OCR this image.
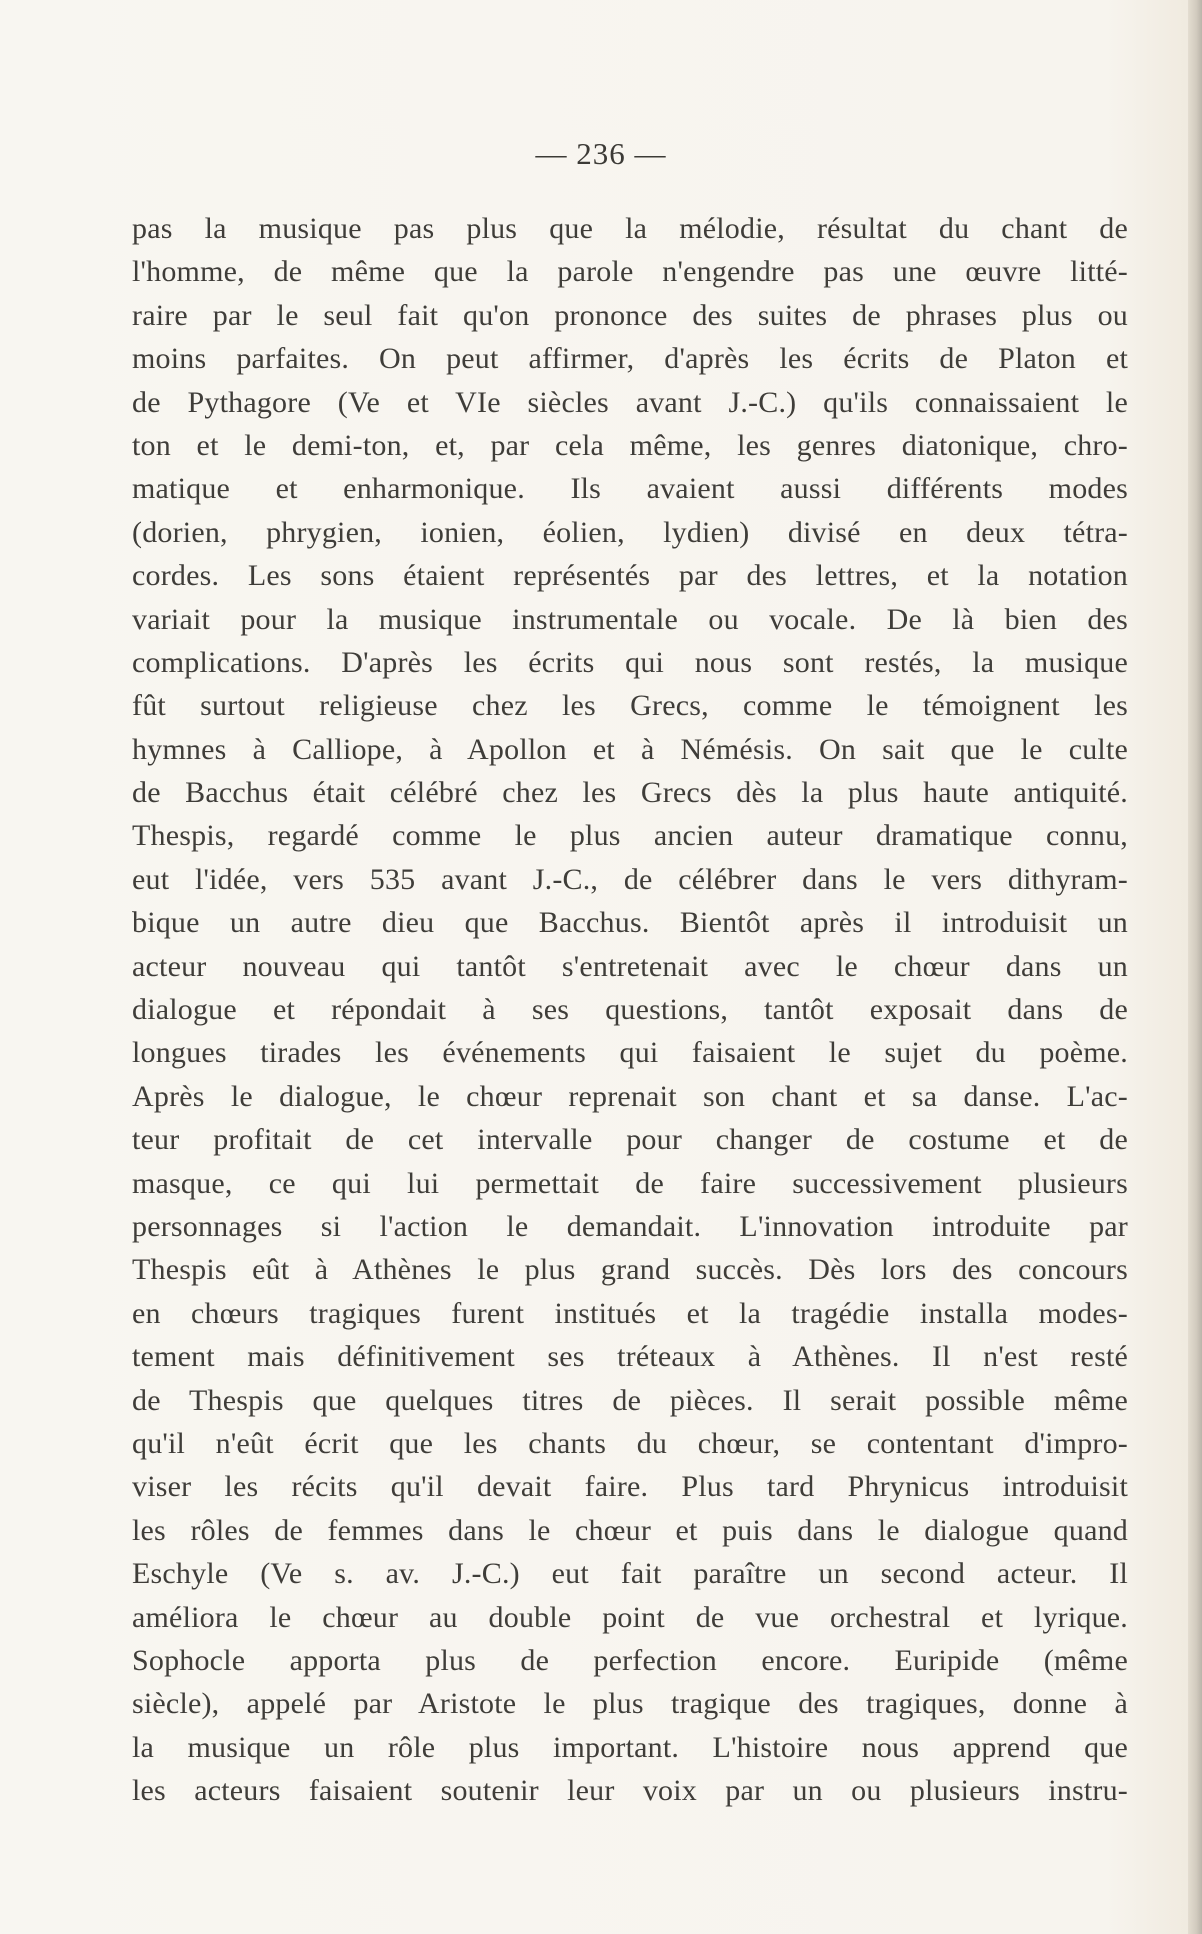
— 236 —
pas la musique pas plus que la mélodie, résultat du chant de
l'homme, de même que la parole n'engendre pas une œuvre litté-
raire par le seul fait qu'on prononce des suites de phrases plus ou
moins parfaites. On peut affirmer, d'après les écrits de Platon et
de Pythagore (Ve et VIe siècles avant J.-C.) qu'ils connaissaient le
ton et le demi-ton, et, par cela même, les genres diatonique, chro-
matique et enharmonique. Ils avaient aussi différents modes
(dorien, phrygien, ionien, éolien, lydien) divisé en deux tétra-
cordes. Les sons étaient représentés par des lettres, et la notation
variait pour la musique instrumentale ou vocale. De là bien des
complications. D'après les écrits qui nous sont restés, la musique
fût surtout religieuse chez les Grecs, comme le témoignent les
hymnes à Calliope, à Apollon et à Némésis. On sait que le culte
de Bacchus était célébré chez les Grecs dès la plus haute antiquité.
Thespis, regardé comme le plus ancien auteur dramatique connu,
eut l'idée, vers 535 avant J.-C., de célébrer dans le vers dithyram-
bique un autre dieu que Bacchus. Bientôt après il introduisit un
acteur nouveau qui tantôt s'entretenait avec le chœur dans un
dialogue et répondait à ses questions, tantôt exposait dans de
longues tirades les événements qui faisaient le sujet du poème.
Après le dialogue, le chœur reprenait son chant et sa danse. L'ac-
teur profitait de cet intervalle pour changer de costume et de
masque, ce qui lui permettait de faire successivement plusieurs
personnages si l'action le demandait. L'innovation introduite par
Thespis eût à Athènes le plus grand succès. Dès lors des concours
en chœurs tragiques furent institués et la tragédie installa modes-
tement mais définitivement ses tréteaux à Athènes. Il n'est resté
de Thespis que quelques titres de pièces. Il serait possible même
qu'il n'eût écrit que les chants du chœur, se contentant d'impro-
viser les récits qu'il devait faire. Plus tard Phrynicus introduisit
les rôles de femmes dans le chœur et puis dans le dialogue quand
Eschyle (Ve s. av. J.-C.) eut fait paraître un second acteur. Il
améliora le chœur au double point de vue orchestral et lyrique.
Sophocle apporta plus de perfection encore. Euripide (même
siècle), appelé par Aristote le plus tragique des tragiques, donne à
la musique un rôle plus important. L'histoire nous apprend que
les acteurs faisaient soutenir leur voix par un ou plusieurs instru-
